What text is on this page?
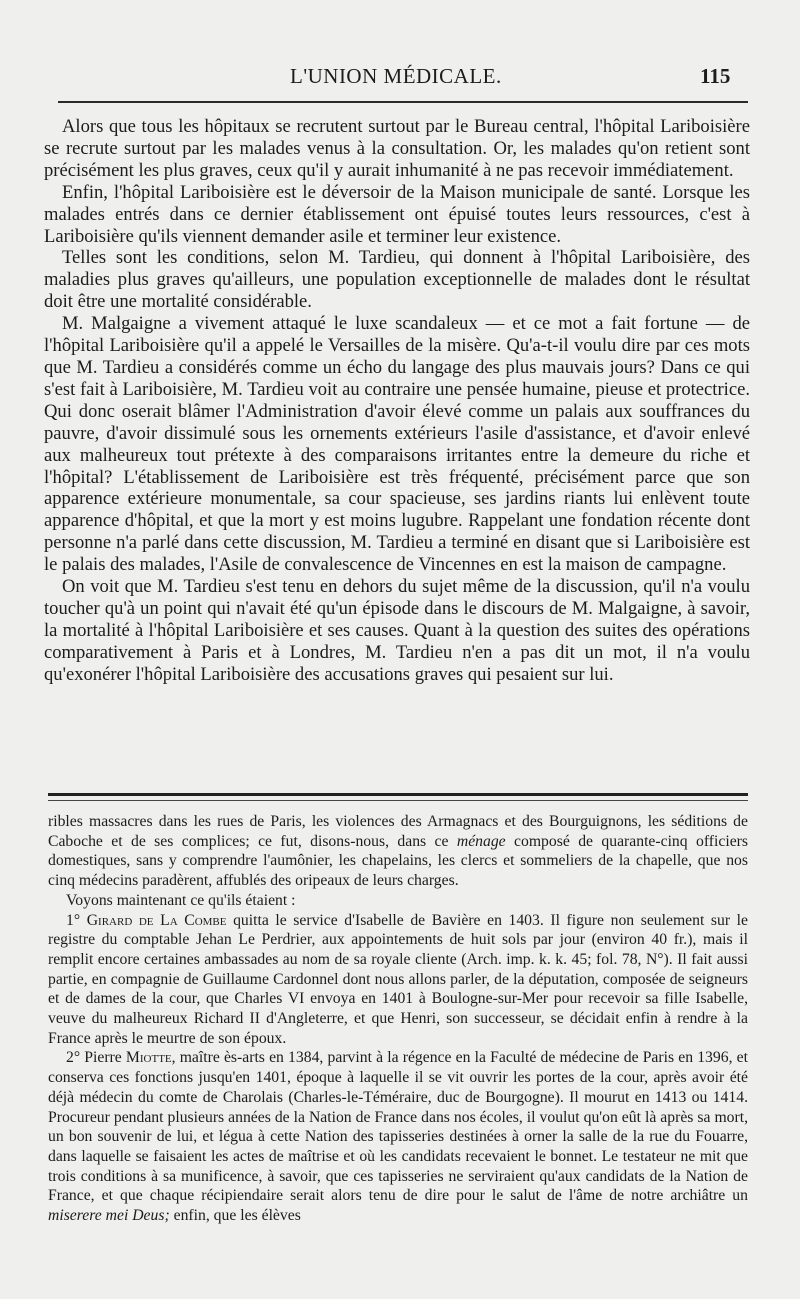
L'UNION MÉDICALE.	115

Alors que tous les hôpitaux se recrutent surtout par le Bureau central, l'hôpital Lariboisière se recrute surtout par les malades venus à la consultation. Or, les malades qu'on retient sont précisément les plus graves, ceux qu'il y aurait inhumanité à ne pas recevoir immédiatement.

Enfin, l'hôpital Lariboisière est le déversoir de la Maison municipale de santé. Lorsque les malades entrés dans ce dernier établissement ont épuisé toutes leurs ressources, c'est à Lariboisière qu'ils viennent demander asile et terminer leur existence.

Telles sont les conditions, selon M. Tardieu, qui donnent à l'hôpital Lariboisière, des maladies plus graves qu'ailleurs, une population exceptionnelle de malades dont le résultat doit être une mortalité considérable.

M. Malgaigne a vivement attaqué le luxe scandaleux — et ce mot a fait fortune — de l'hôpital Lariboisière qu'il a appelé le Versailles de la misère. Qu'a-t-il voulu dire par ces mots que M. Tardieu a considérés comme un écho du langage des plus mauvais jours? Dans ce qui s'est fait à Lariboisière, M. Tardieu voit au contraire une pensée humaine, pieuse et protectrice. Qui donc oserait blâmer l'Administration d'avoir élevé comme un palais aux souffrances du pauvre, d'avoir dissimulé sous les ornements extérieurs l'asile d'assistance, et d'avoir enlevé aux malheureux tout prétexte à des comparaisons irritantes entre la demeure du riche et l'hôpital? L'établissement de Lariboisière est très fréquenté, précisément parce que son apparence extérieure monumentale, sa cour spacieuse, ses jardins riants lui enlèvent toute apparence d'hôpital, et que la mort y est moins lugubre. Rappelant une fondation récente dont personne n'a parlé dans cette discussion, M. Tardieu a terminé en disant que si Lariboisière est le palais des malades, l'Asile de convalescence de Vincennes en est la maison de campagne.

On voit que M. Tardieu s'est tenu en dehors du sujet même de la discussion, qu'il n'a voulu toucher qu'à un point qui n'avait été qu'un épisode dans le discours de M. Malgaigne, à savoir, la mortalité à l'hôpital Lariboisière et ses causes. Quant à la question des suites des opérations comparativement à Paris et à Londres, M. Tardieu n'en a pas dit un mot, il n'a voulu qu'exonérer l'hôpital Lariboisière des accusations graves qui pesaient sur lui.

ribles massacres dans les rues de Paris, les violences des Armagnacs et des Bourguignons, les séditions de Caboche et de ses complices; ce fut, disons-nous, dans ce ménage composé de quarante-cinq officiers domestiques, sans y comprendre l'aumônier, les chapelains, les clercs et sommeliers de la chapelle, que nos cinq médecins paradèrent, affublés des oripeaux de leurs charges.

Voyons maintenant ce qu'ils étaient :

1° Girard de La Combe quitta le service d'Isabelle de Bavière en 1403. Il figure non seulement sur le registre du comptable Jehan Le Perdrier, aux appointements de huit sols par jour (environ 40 fr.), mais il remplit encore certaines ambassades au nom de sa royale cliente (Arch. imp. k. k. 45; fol. 78, N°). Il fait aussi partie, en compagnie de Guillaume Cardonnel dont nous allons parler, de la députation, composée de seigneurs et de dames de la cour, que Charles VI envoya en 1401 à Boulogne-sur-Mer pour recevoir sa fille Isabelle, veuve du malheureux Richard II d'Angleterre, et que Henri, son successeur, se décidait enfin à rendre à la France après le meurtre de son époux.

2° Pierre Miotte, maître ès-arts en 1384, parvint à la régence en la Faculté de médecine de Paris en 1396, et conserva ces fonctions jusqu'en 1401, époque à laquelle il se vit ouvrir les portes de la cour, après avoir été déjà médecin du comte de Charolais (Charles-le-Téméraire, duc de Bourgogne). Il mourut en 1413 ou 1414. Procureur pendant plusieurs années de la Nation de France dans nos écoles, il voulut qu'on eût là après sa mort, un bon souvenir de lui, et légua à cette Nation des tapisseries destinées à orner la salle de la rue du Fouarre, dans laquelle se faisaient les actes de maîtrise et où les candidats recevaient le bonnet. Le testateur ne mit que trois conditions à sa munificence, à savoir, que ces tapisseries ne serviraient qu'aux candidats de la Nation de France, et que chaque récipiendaire serait alors tenu de dire pour le salut de l'âme de notre archiâtre un miserere mei Deus; enfin, que les élèves
